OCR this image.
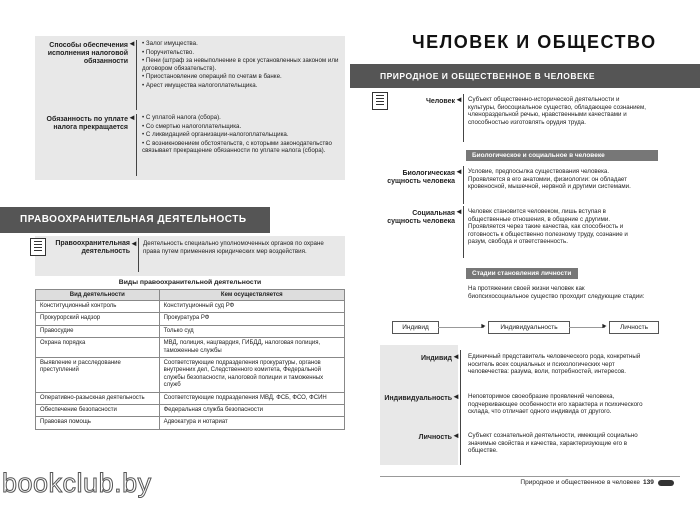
Способы обеспечения исполнения налоговой обязанности
◄	• Залог имущества.
• Поручительство.
• Пени (штраф за невыполнение в срок установленных законом или договором обязательств).
• Приостановление операций по счетам в банке.
• Арест имущества налогоплательщика.
Обязанность по уплате налога прекращается
◄	• С уплатой налога (сбора).
• Со смертью налогоплательщика.
• С ликвидацией организации-налогоплательщика.
• С возникновением обстоятельств, с которыми законодательство связывает прекращение обязанности по уплате налога (сбора).
ПРАВООХРАНИТЕЛЬНАЯ ДЕЯТЕЛЬНОСТЬ
Правоохранительная деятельность
◄ Деятельность специально уполномоченных органов по охране права путем применения юридических мер воздействия.

Виды правоохранительной деятельности
Вид деятельности	Кем осуществляется
Конституционный контроль	Конституционный суд РФ
Прокурорский надзор	Прокуратура РФ
Правосудие	Только суд
Охрана порядка	МВД, полиция, нацгвардия, ГИБДД, налоговая полиция, таможенные службы
Выявление и расследование преступлений	Соответствующие подразделения прокуратуры, органов внутренних дел, Следственного комитета, Федеральной службы безопасности, налоговой полиции и таможенных служб
Оперативно-разыскная деятельность	Соответствующие подразделения МВД, ФСБ, ФСО, ФСИН
Обеспечение безопасности	Федеральная служба безопасности
Правовая помощь	Адвокатура и нотариат
bookclub.by
ЧЕЛОВЕК И ОБЩЕСТВО
ПРИРОДНОЕ И ОБЩЕСТВЕННОЕ В ЧЕЛОВЕКЕ
Человек ◄ Субъект общественно-исторической деятельности и культуры, биосоциальное существо, обладающее сознанием, членораздельной речью, нравственными качествами и способностью изготовлять орудия труда.

Биологическое и социальное в человеке
Биологическая сущность человека
◄ Условие, предпосылка существования человека. Проявляется в его анатомии, физиологии: он обладает кровеносной, мышечной, нервной и другими системами.

Социальная сущность человека
◄ Человек становится человеком, лишь вступая в общественные отношения, в общение с другими. Проявляется через такие качества, как способность и готовность к общественно полезному труду, сознание и разум, свобода и ответственность.

Стадии становления личности

На протяжении своей жизни человек как биопсихосоциальное существо проходит следующие стадии:

Индивид	►	Индивидуальность	►	Личность
Индивид ◄ Единичный представитель человеческого рода, конкретный носитель всех социальных и психологических черт человечества: разума, воли, потребностей, интересов.

Индивидуальность ◄ Неповторимое своеобразие проявлений человека, подчеркивающее особенности его характера и психического склада, что отличает одного индивида от другого.

Личность ◄ Субъект сознательной деятельности, имеющий социально значимые свойства и качества, характеризующие его в обществе.

Природное и общественное в человеке 139
